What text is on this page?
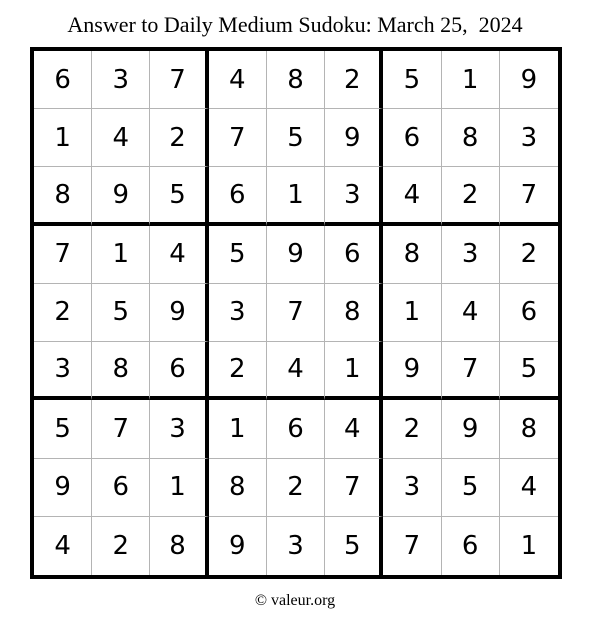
Answer to Daily Medium Sudoku: March 25,  2024
6	3	7	4	8	2	5	1	9
1	4	2	7	5	9	6	8	3
8	9	5	6	1	3	4	2	7
7	1	4	5	9	6	8	3	2
2	5	9	3	7	8	1	4	6
3	8	6	2	4	1	9	7	5
5	7	3	1	6	4	2	9	8
9	6	1	8	2	7	3	5	4
4	2	8	9	3	5	7	6	1
© valeur.org
